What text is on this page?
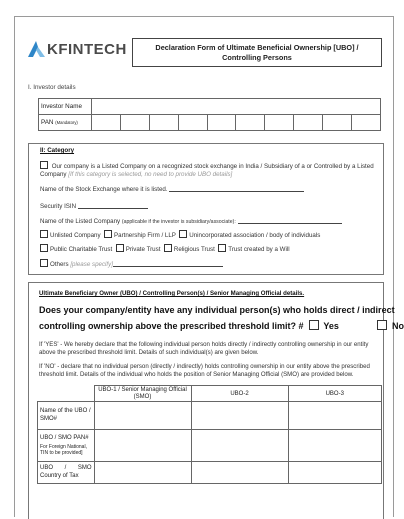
KFINTECH	Declaration Form of Ultimate Beneficial Ownership [UBO] / Controlling Persons
I. Investor details
Investor Name										
PAN (Mandatory)										
II: Category
Our company is a Listed Company on a recognized stock exchange in India / Subsidiary of a or Controlled by a Listed Company [If this category is selected, no need to provide UBO details]
Name of the Stock Exchange where it is listed.
Security ISIN
Name of the Listed Company (applicable if the investor is subsidiary/associate):
Unlisted Company Partnership Firm / LLP Unincorporated association / body of individuals
Public Charitable Trust Private Trust Religious Trust Trust created by a Will
Others [please specify]
Ultimate Beneficiary Owner (UBO) / Controlling Person(s) / Senior Managing Official details.
Does your company/entity have any individual person(s) who holds direct / indirect
controlling ownership above the prescribed threshold limit? # Yes	No
If 'YES' - We hereby declare that the following individual person holds directly / indirectly controlling ownership in our entity above the prescribed threshold limit. Details of such individual(s) are given below.
If 'NO' - declare that no individual person (directly / indirectly) holds controlling ownership in our entity above the prescribed threshold limit. Details of the individual who holds the position of Senior Managing Official (SMO) are provided below.
	UBO-1 / Senior Managing Official (SMO)	UBO-2	UBO-3
Name of the UBO / SMO#			

UBO / SMO PAN#
For Foreign National, TIN to be provided]			

UBO / SMO Country of Tax			
